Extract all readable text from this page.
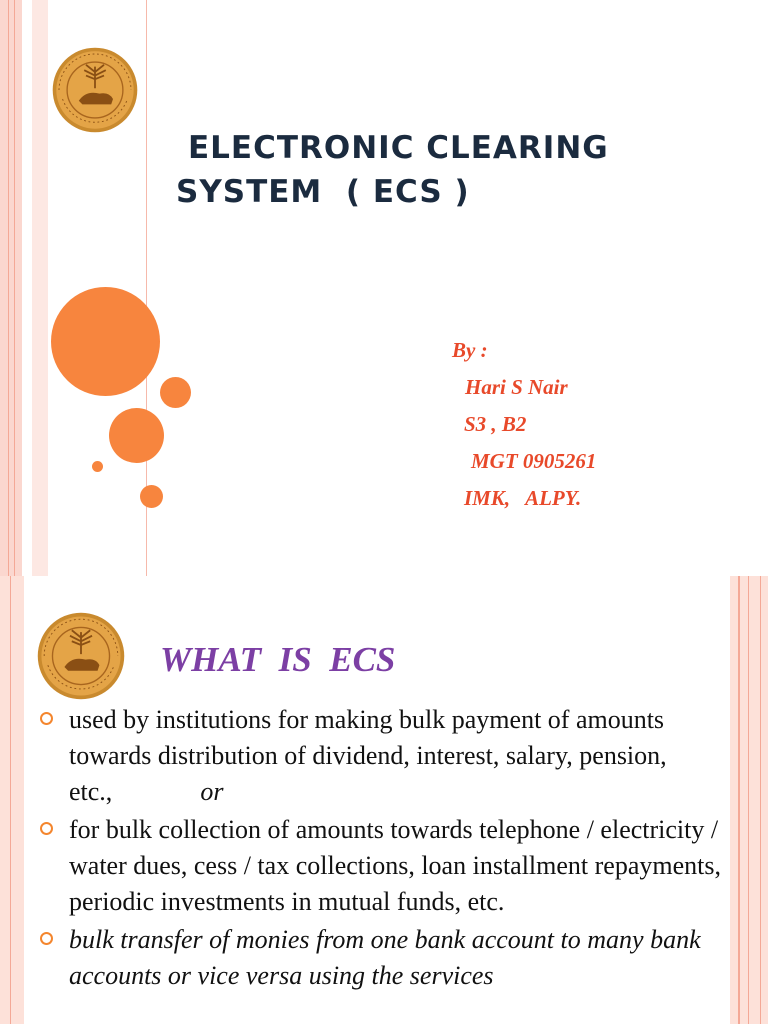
ELECTRONIC CLEARING
SYSTEM  ( ECS )
By :
Hari S Nair
S3 , B2
MGT 0905261
IMK,   ALPY.
WHAT  IS  ECS
used by institutions for making bulk payment of amounts towards distribution of dividend, interest, salary, pension, etc.,	or
for bulk collection of amounts towards telephone / electricity / water dues, cess / tax collections, loan installment repayments, periodic investments in mutual funds, etc.
bulk transfer of monies from one bank account to many bank accounts or vice versa using the services
